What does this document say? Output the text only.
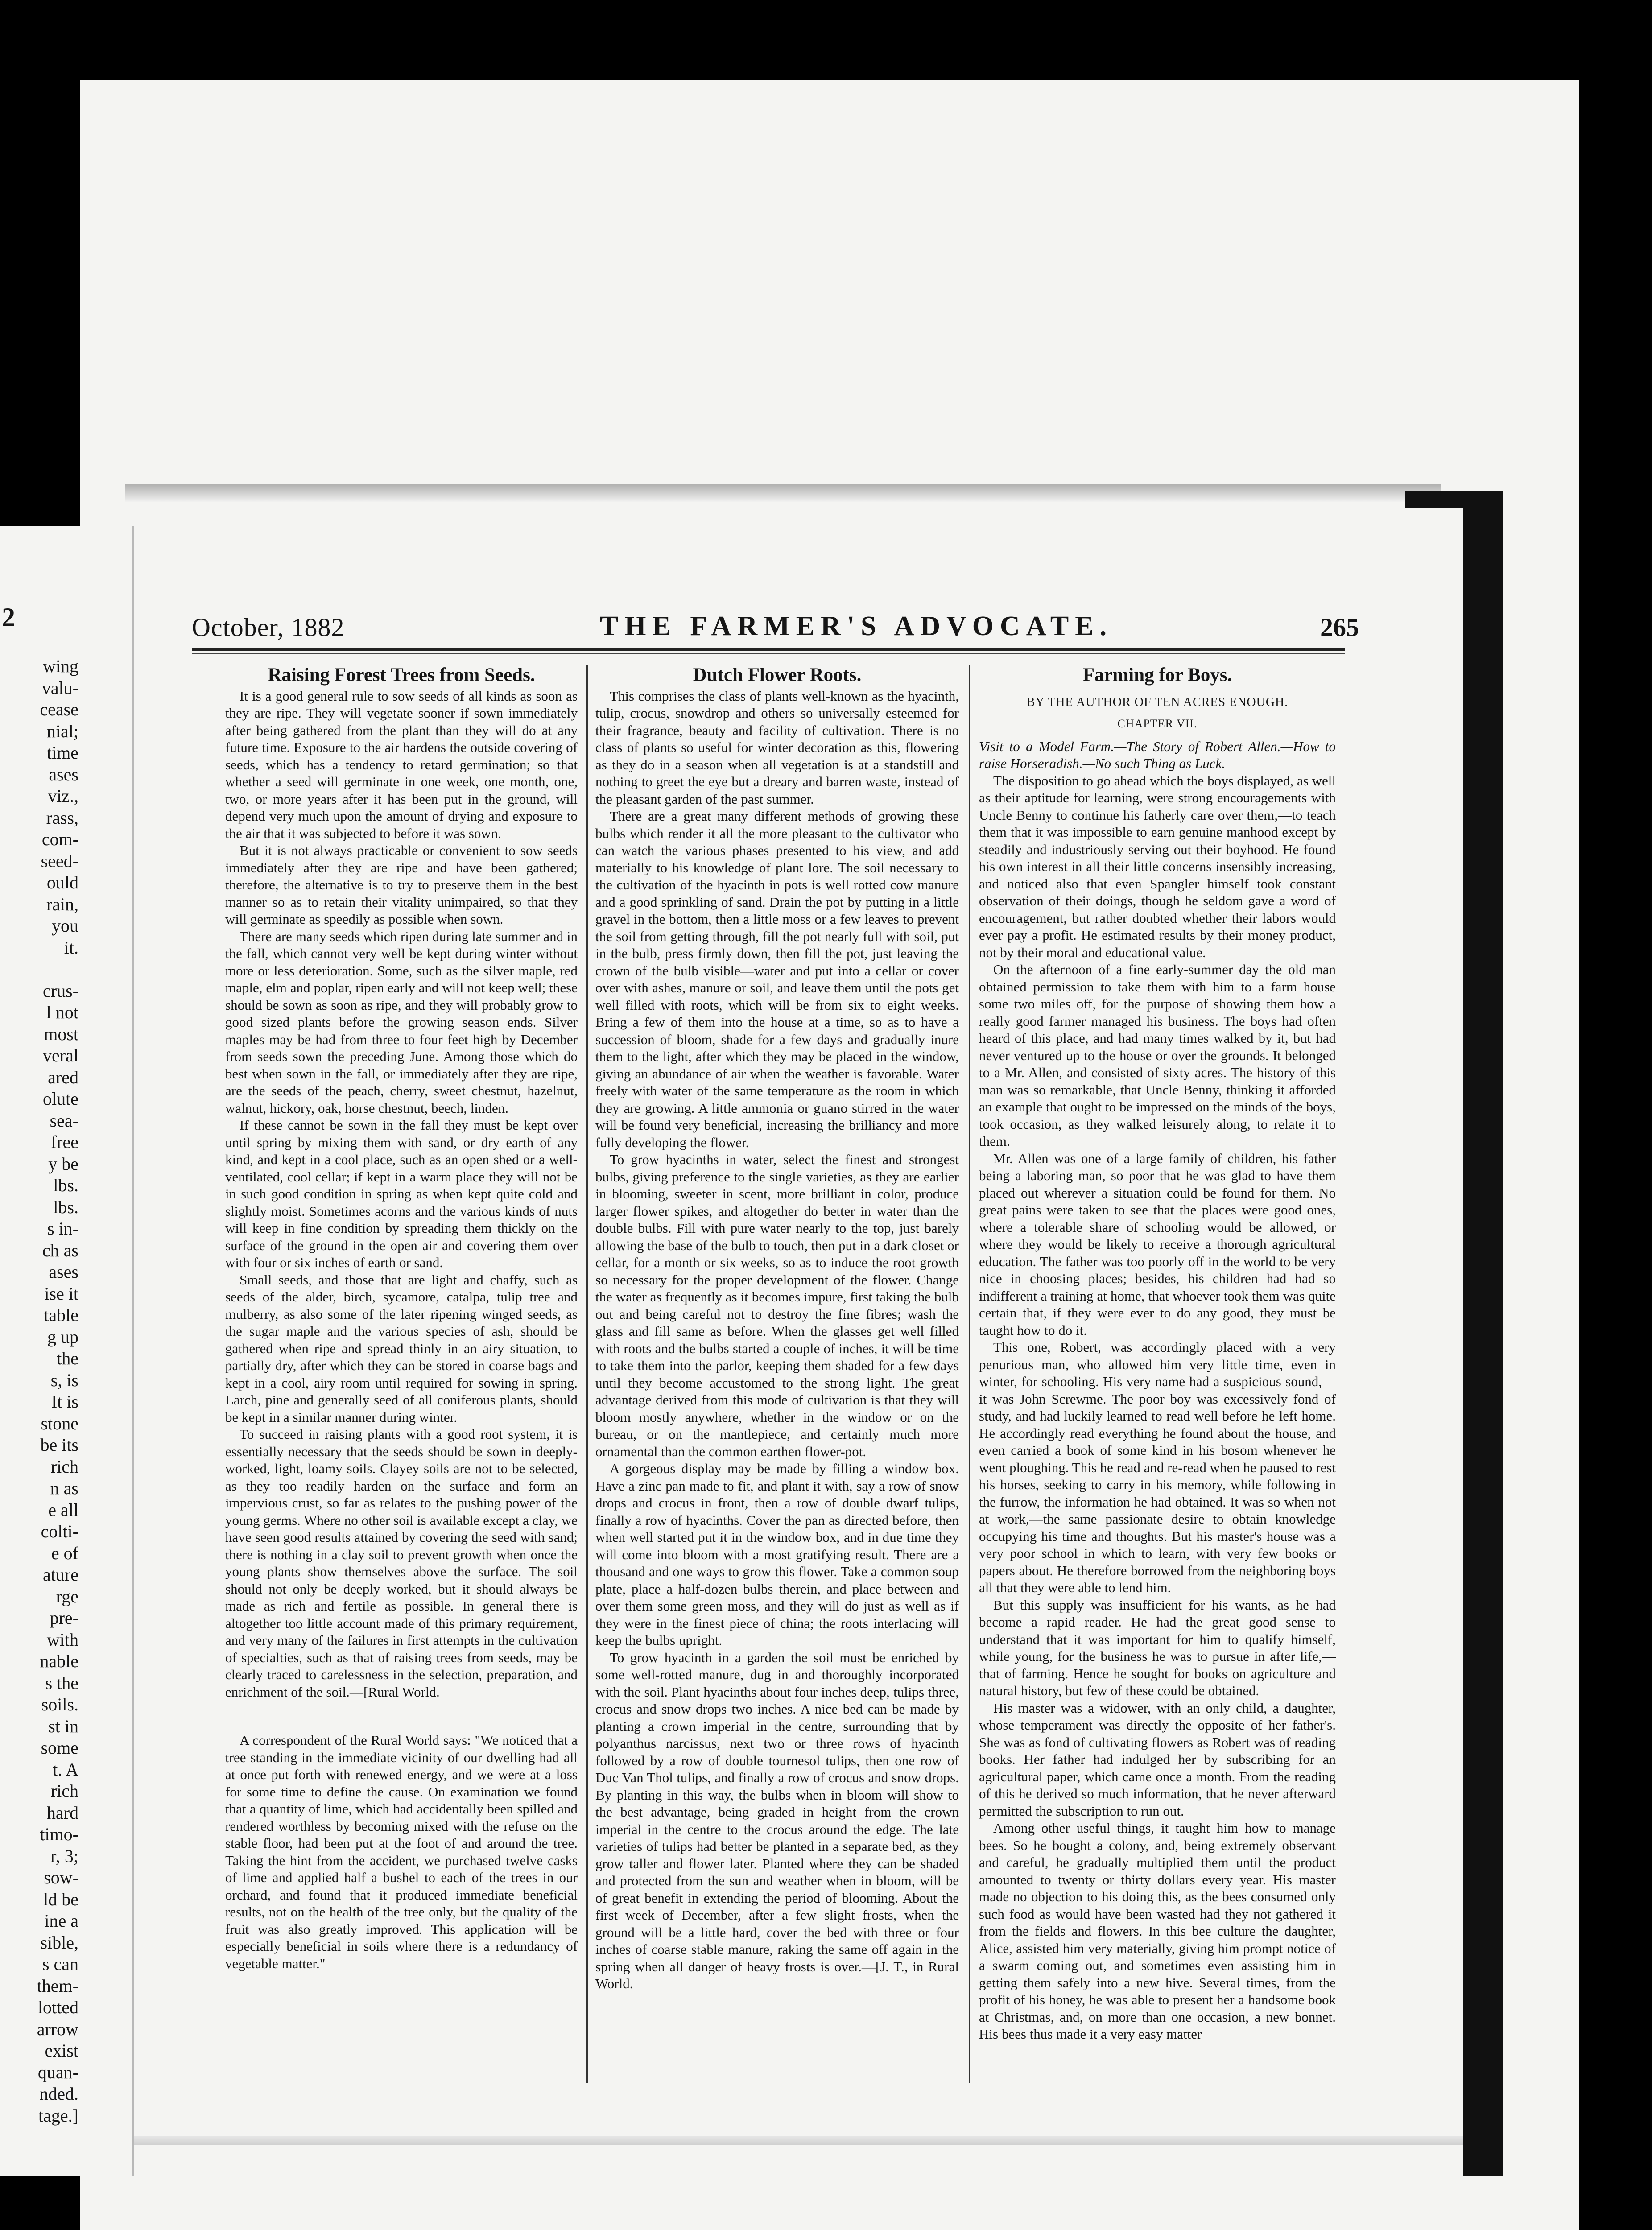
2
wing
valu-
cease
nial;
time
ases
viz.,
rass,
com-
seed-
ould
rain,
you
it.

crus-
l not
most
veral
ared
olute
sea-
free
y be
lbs.
lbs.
s in-
ch as
ases
ise it
table
g up
the
s, is
It is
stone
be its
rich
n as
e all
colti-
e of
ature
rge
pre-
with
nable
s the
soils.
st in
some
t. A
rich
hard
timo-
r, 3;
sow-
ld be
ine a
sible,
s can
them-
lotted
arrow
exist
quan-
nded.
tage.]
October, 1882	THE FARMER'S ADVOCATE.	265
Raising Forest Trees from Seeds.

It is a good general rule to sow seeds of all kinds as soon as they are ripe. They will vegetate sooner if sown immediately after being gathered from the plant than they will do at any future time. Exposure to the air hardens the outside covering of seeds, which has a tendency to retard germination; so that whether a seed will germinate in one week, one month, one, two, or more years after it has been put in the ground, will depend very much upon the amount of drying and exposure to the air that it was subjected to before it was sown.

But it is not always practicable or convenient to sow seeds immediately after they are ripe and have been gathered; therefore, the alternative is to try to preserve them in the best manner so as to retain their vitality unimpaired, so that they will germinate as speedily as possible when sown.

There are many seeds which ripen during late summer and in the fall, which cannot very well be kept during winter without more or less deterioration. Some, such as the silver maple, red maple, elm and poplar, ripen early and will not keep well; these should be sown as soon as ripe, and they will probably grow to good sized plants before the growing season ends. Silver maples may be had from three to four feet high by December from seeds sown the preceding June. Among those which do best when sown in the fall, or immediately after they are ripe, are the seeds of the peach, cherry, sweet chestnut, hazelnut, walnut, hickory, oak, horse chestnut, beech, linden.

If these cannot be sown in the fall they must be kept over until spring by mixing them with sand, or dry earth of any kind, and kept in a cool place, such as an open shed or a well-ventilated, cool cellar; if kept in a warm place they will not be in such good condition in spring as when kept quite cold and slightly moist. Sometimes acorns and the various kinds of nuts will keep in fine condition by spreading them thickly on the surface of the ground in the open air and covering them over with four or six inches of earth or sand.

Small seeds, and those that are light and chaffy, such as seeds of the alder, birch, sycamore, catalpa, tulip tree and mulberry, as also some of the later ripening winged seeds, as the sugar maple and the various species of ash, should be gathered when ripe and spread thinly in an airy situation, to partially dry, after which they can be stored in coarse bags and kept in a cool, airy room until required for sowing in spring. Larch, pine and generally seed of all coniferous plants, should be kept in a similar manner during winter.

To succeed in raising plants with a good root system, it is essentially necessary that the seeds should be sown in deeply-worked, light, loamy soils. Clayey soils are not to be selected, as they too readily harden on the surface and form an impervious crust, so far as relates to the pushing power of the young germs. Where no other soil is available except a clay, we have seen good results attained by covering the seed with sand; there is nothing in a clay soil to prevent growth when once the young plants show themselves above the surface. The soil should not only be deeply worked, but it should always be made as rich and fertile as possible. In general there is altogether too little account made of this primary requirement, and very many of the failures in first attempts in the cultivation of specialties, such as that of raising trees from seeds, may be clearly traced to carelessness in the selection, preparation, and enrichment of the soil.—[Rural World.

A correspondent of the Rural World says: "We noticed that a tree standing in the immediate vicinity of our dwelling had all at once put forth with renewed energy, and we were at a loss for some time to define the cause. On examination we found that a quantity of lime, which had accidentally been spilled and rendered worthless by becoming mixed with the refuse on the stable floor, had been put at the foot of and around the tree. Taking the hint from the accident, we purchased twelve casks of lime and applied half a bushel to each of the trees in our orchard, and found that it produced immediate beneficial results, not on the health of the tree only, but the quality of the fruit was also greatly improved. This application will be especially beneficial in soils where there is a redundancy of vegetable matter."

Dutch Flower Roots.

This comprises the class of plants well-known as the hyacinth, tulip, crocus, snowdrop and others so universally esteemed for their fragrance, beauty and facility of cultivation. There is no class of plants so useful for winter decoration as this, flowering as they do in a season when all vegetation is at a standstill and nothing to greet the eye but a dreary and barren waste, instead of the pleasant garden of the past summer.

There are a great many different methods of growing these bulbs which render it all the more pleasant to the cultivator who can watch the various phases presented to his view, and add materially to his knowledge of plant lore. The soil necessary to the cultivation of the hyacinth in pots is well rotted cow manure and a good sprinkling of sand. Drain the pot by putting in a little gravel in the bottom, then a little moss or a few leaves to prevent the soil from getting through, fill the pot nearly full with soil, put in the bulb, press firmly down, then fill the pot, just leaving the crown of the bulb visible—water and put into a cellar or cover over with ashes, manure or soil, and leave them until the pots get well filled with roots, which will be from six to eight weeks. Bring a few of them into the house at a time, so as to have a succession of bloom, shade for a few days and gradually inure them to the light, after which they may be placed in the window, giving an abundance of air when the weather is favorable. Water freely with water of the same temperature as the room in which they are growing. A little ammonia or guano stirred in the water will be found very beneficial, increasing the brilliancy and more fully developing the flower.

To grow hyacinths in water, select the finest and strongest bulbs, giving preference to the single varieties, as they are earlier in blooming, sweeter in scent, more brilliant in color, produce larger flower spikes, and altogether do better in water than the double bulbs. Fill with pure water nearly to the top, just barely allowing the base of the bulb to touch, then put in a dark closet or cellar, for a month or six weeks, so as to induce the root growth so necessary for the proper development of the flower. Change the water as frequently as it becomes impure, first taking the bulb out and being careful not to destroy the fine fibres; wash the glass and fill same as before. When the glasses get well filled with roots and the bulbs started a couple of inches, it will be time to take them into the parlor, keeping them shaded for a few days until they become accustomed to the strong light. The great advantage derived from this mode of cultivation is that they will bloom mostly anywhere, whether in the window or on the bureau, or on the mantlepiece, and certainly much more ornamental than the common earthen flower-pot.

A gorgeous display may be made by filling a window box. Have a zinc pan made to fit, and plant it with, say a row of snow drops and crocus in front, then a row of double dwarf tulips, finally a row of hyacinths. Cover the pan as directed before, then when well started put it in the window box, and in due time they will come into bloom with a most gratifying result. There are a thousand and one ways to grow this flower. Take a common soup plate, place a half-dozen bulbs therein, and place between and over them some green moss, and they will do just as well as if they were in the finest piece of china; the roots interlacing will keep the bulbs upright.

To grow hyacinth in a garden the soil must be enriched by some well-rotted manure, dug in and thoroughly incorporated with the soil. Plant hyacinths about four inches deep, tulips three, crocus and snow drops two inches. A nice bed can be made by planting a crown imperial in the centre, surrounding that by polyanthus narcissus, next two or three rows of hyacinth followed by a row of double tournesol tulips, then one row of Duc Van Thol tulips, and finally a row of crocus and snow drops. By planting in this way, the bulbs when in bloom will show to the best advantage, being graded in height from the crown imperial in the centre to the crocus around the edge. The late varieties of tulips had better be planted in a separate bed, as they grow taller and flower later. Planted where they can be shaded and protected from the sun and weather when in bloom, will be of great benefit in extending the period of blooming. About the first week of December, after a few slight frosts, when the ground will be a little hard, cover the bed with three or four inches of coarse stable manure, raking the same off again in the spring when all danger of heavy frosts is over.—[J. T., in Rural World.

Farming for Boys.
BY THE AUTHOR OF TEN ACRES ENOUGH.
CHAPTER VII.

Visit to a Model Farm.—The Story of Robert Allen.—How to raise Horseradish.—No such Thing as Luck.

The disposition to go ahead which the boys displayed, as well as their aptitude for learning, were strong encouragements with Uncle Benny to continue his fatherly care over them,—to teach them that it was impossible to earn genuine manhood except by steadily and industriously serving out their boyhood. He found his own interest in all their little concerns insensibly increasing, and noticed also that even Spangler himself took constant observation of their doings, though he seldom gave a word of encouragement, but rather doubted whether their labors would ever pay a profit. He estimated results by their money product, not by their moral and educational value.

On the afternoon of a fine early-summer day the old man obtained permission to take them with him to a farm house some two miles off, for the purpose of showing them how a really good farmer managed his business. The boys had often heard of this place, and had many times walked by it, but had never ventured up to the house or over the grounds. It belonged to a Mr. Allen, and consisted of sixty acres. The history of this man was so remarkable, that Uncle Benny, thinking it afforded an example that ought to be impressed on the minds of the boys, took occasion, as they walked leisurely along, to relate it to them.

Mr. Allen was one of a large family of children, his father being a laboring man, so poor that he was glad to have them placed out wherever a situation could be found for them. No great pains were taken to see that the places were good ones, where a tolerable share of schooling would be allowed, or where they would be likely to receive a thorough agricultural education. The father was too poorly off in the world to be very nice in choosing places; besides, his children had had so indifferent a training at home, that whoever took them was quite certain that, if they were ever to do any good, they must be taught how to do it.

This one, Robert, was accordingly placed with a very penurious man, who allowed him very little time, even in winter, for schooling. His very name had a suspicious sound,—it was John Screwme. The poor boy was excessively fond of study, and had luckily learned to read well before he left home. He accordingly read everything he found about the house, and even carried a book of some kind in his bosom whenever he went ploughing. This he read and re-read when he paused to rest his horses, seeking to carry in his memory, while following in the furrow, the information he had obtained. It was so when not at work,—the same passionate desire to obtain knowledge occupying his time and thoughts. But his master's house was a very poor school in which to learn, with very few books or papers about. He therefore borrowed from the neighboring boys all that they were able to lend him.

But this supply was insufficient for his wants, as he had become a rapid reader. He had the great good sense to understand that it was important for him to qualify himself, while young, for the business he was to pursue in after life,—that of farming. Hence he sought for books on agriculture and natural history, but few of these could be obtained.

His master was a widower, with an only child, a daughter, whose temperament was directly the opposite of her father's. She was as fond of cultivating flowers as Robert was of reading books. Her father had indulged her by subscribing for an agricultural paper, which came once a month. From the reading of this he derived so much information, that he never afterward permitted the subscription to run out.

Among other useful things, it taught him how to manage bees. So he bought a colony, and, being extremely observant and careful, he gradually multiplied them until the product amounted to twenty or thirty dollars every year. His master made no objection to his doing this, as the bees consumed only such food as would have been wasted had they not gathered it from the fields and flowers. In this bee culture the daughter, Alice, assisted him very materially, giving him prompt notice of a swarm coming out, and sometimes even assisting him in getting them safely into a new hive. Several times, from the profit of his honey, he was able to present her a handsome book at Christmas, and, on more than one occasion, a new bonnet. His bees thus made it a very easy matter
